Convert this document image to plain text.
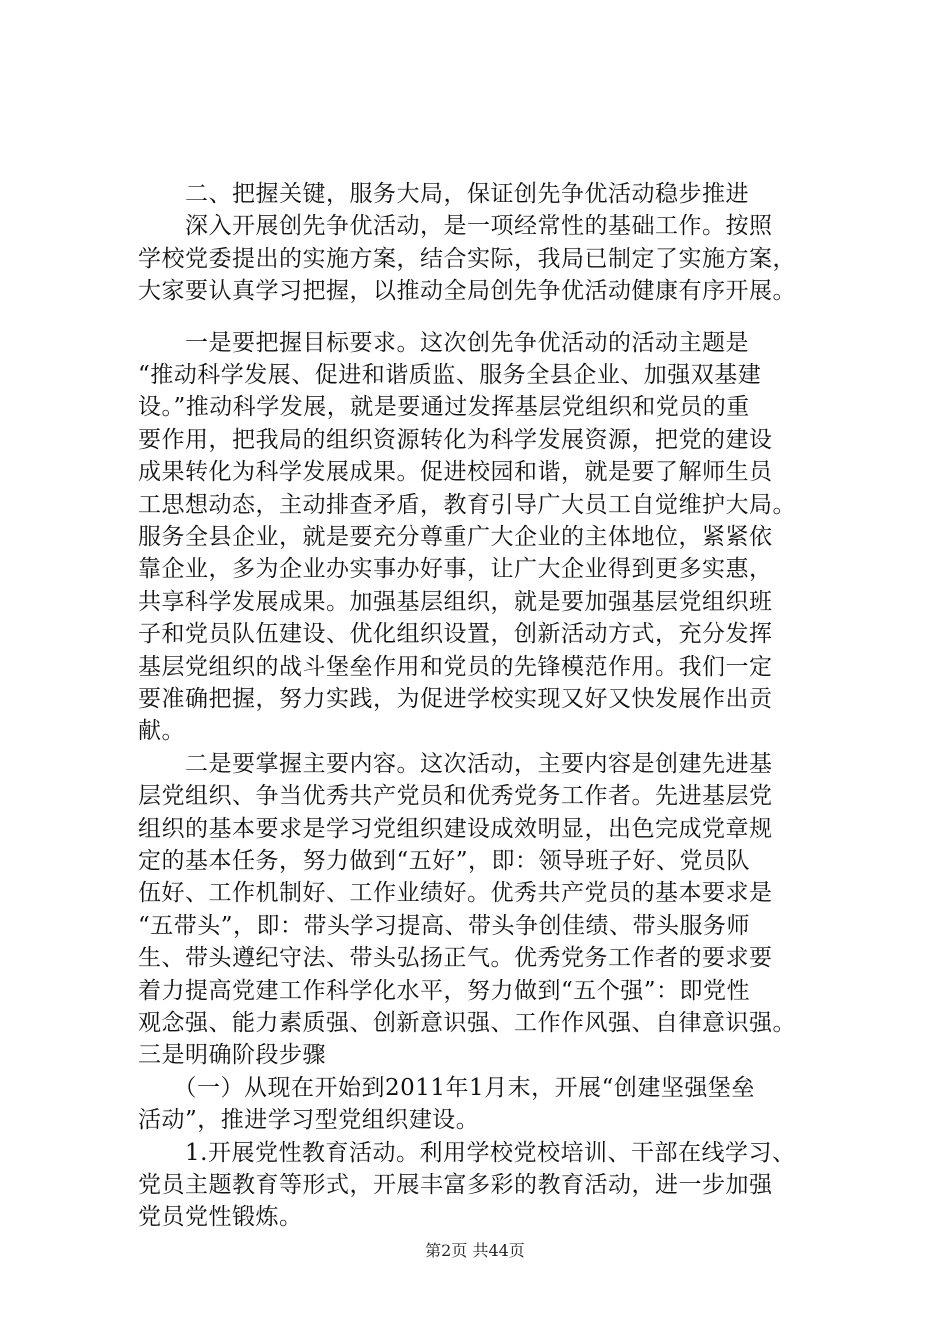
　　二、把握关键，服务大局，保证创先争优活动稳步推进
　　深入开展创先争优活动，是一项经常性的基础工作。按照
学校党委提出的实施方案，结合实际，我局已制定了实施方案，
大家要认真学习把握，以推动全局创先争优活动健康有序开展。
　　一是要把握目标要求。这次创先争优活动的活动主题是
“推动科学发展、促进和谐质监、服务全县企业、加强双基建
设。”推动科学发展，就是要通过发挥基层党组织和党员的重
要作用，把我局的组织资源转化为科学发展资源，把党的建设
成果转化为科学发展成果。促进校园和谐，就是要了解师生员
工思想动态，主动排查矛盾，教育引导广大员工自觉维护大局。
服务全县企业，就是要充分尊重广大企业的主体地位，紧紧依
靠企业，多为企业办实事办好事，让广大企业得到更多实惠，
共享科学发展成果。加强基层组织，就是要加强基层党组织班
子和党员队伍建设、优化组织设置，创新活动方式，充分发挥
基层党组织的战斗堡垒作用和党员的先锋模范作用。我们一定
要准确把握，努力实践，为促进学校实现又好又快发展作出贡
献。
　　二是要掌握主要内容。这次活动，主要内容是创建先进基
层党组织、争当优秀共产党员和优秀党务工作者。先进基层党
组织的基本要求是学习党组织建设成效明显，出色完成党章规
定的基本任务，努力做到“五好”，即：领导班子好、党员队
伍好、工作机制好、工作业绩好。优秀共产党员的基本要求是
“五带头”，即：带头学习提高、带头争创佳绩、带头服务师
生、带头遵纪守法、带头弘扬正气。优秀党务工作者的要求要
着力提高党建工作科学化水平，努力做到“五个强”：即党性
观念强、能力素质强、创新意识强、工作作风强、自律意识强。
三是明确阶段步骤
　　（一）从现在开始到2011年1月末，开展“创建坚强堡垒
活动”，推进学习型党组织建设。
　　1.开展党性教育活动。利用学校党校培训、干部在线学习、
党员主题教育等形式，开展丰富多彩的教育活动，进一步加强
党员党性锻炼。
第2页 共44页
